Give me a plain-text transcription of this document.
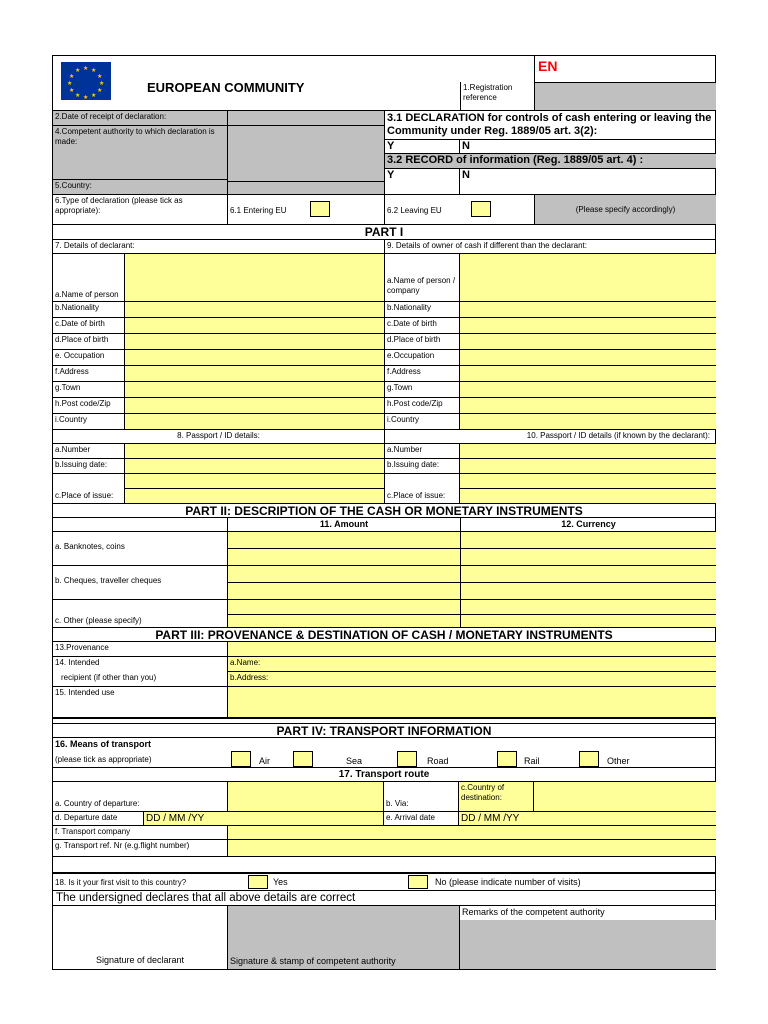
★ ★
★
★
★
★
★
★
★
★
★
★
EUROPEAN COMMUNITY	1.Registration reference
EN
2.Date of receipt of declaration:
4.Competent authority to which declaration is made:
5.Country:
3.1 DECLARATION for controls of cash entering or leaving the Community under Reg. 1889/05 art. 3(2):
Y	N
3.2 RECORD of information (Reg. 1889/05 art. 4) :
Y	N
6.Type of declaration (please tick as appropriate):	6.1 Entering EU	6.2 Leaving EU	(Please specify accordingly)
PART I
7. Details of declarant:	9. Details of owner of cash if different than the declarant:
a.Name of person
a.Name of person / company
b.Nationality	b.Nationality
c.Date of birth	c.Date of birth
d.Place of birth	d.Place of birth
e. Occupation	e.Occupation
f.Address	f.Address
g.Town	g.Town
h.Post code/Zip	h.Post code/Zip
i.Country	i.Country
8. Passport / ID details:	10. Passport / ID details (if known by the declarant):
a.Number	a.Number
b.Issuing date:	b.Issuing date:
c.Place of issue:	c.Place of issue:
PART II: DESCRIPTION OF THE CASH OR MONETARY INSTRUMENTS
11. Amount	12. Currency
a. Banknotes, coins
b. Cheques, traveller cheques
c. Other (please specify)
PART III: PROVENANCE & DESTINATION OF CASH / MONETARY INSTRUMENTS
13.Provenance
14. Intended
recipient (if other than you)
a.Name:
b.Address:
15. Intended use
PART IV: TRANSPORT INFORMATION
16. Means of transport
(please tick as appropriate)	Air	Sea	Road	Rail	Other
17. Transport route
a. Country of departure:	b. Via:
c.Country of destination:
d. Departure date	DD / MM /YY	e. Arrival date	DD / MM /YY
f. Transport company
g. Transport ref. Nr (e.g.flight number)
18. Is it your first visit to this country?	Yes	No (please indicate number of visits)
The undersigned declares that all above details are correct
Signature of declarant	Signature & stamp of competent authority
Remarks of the competent authority
